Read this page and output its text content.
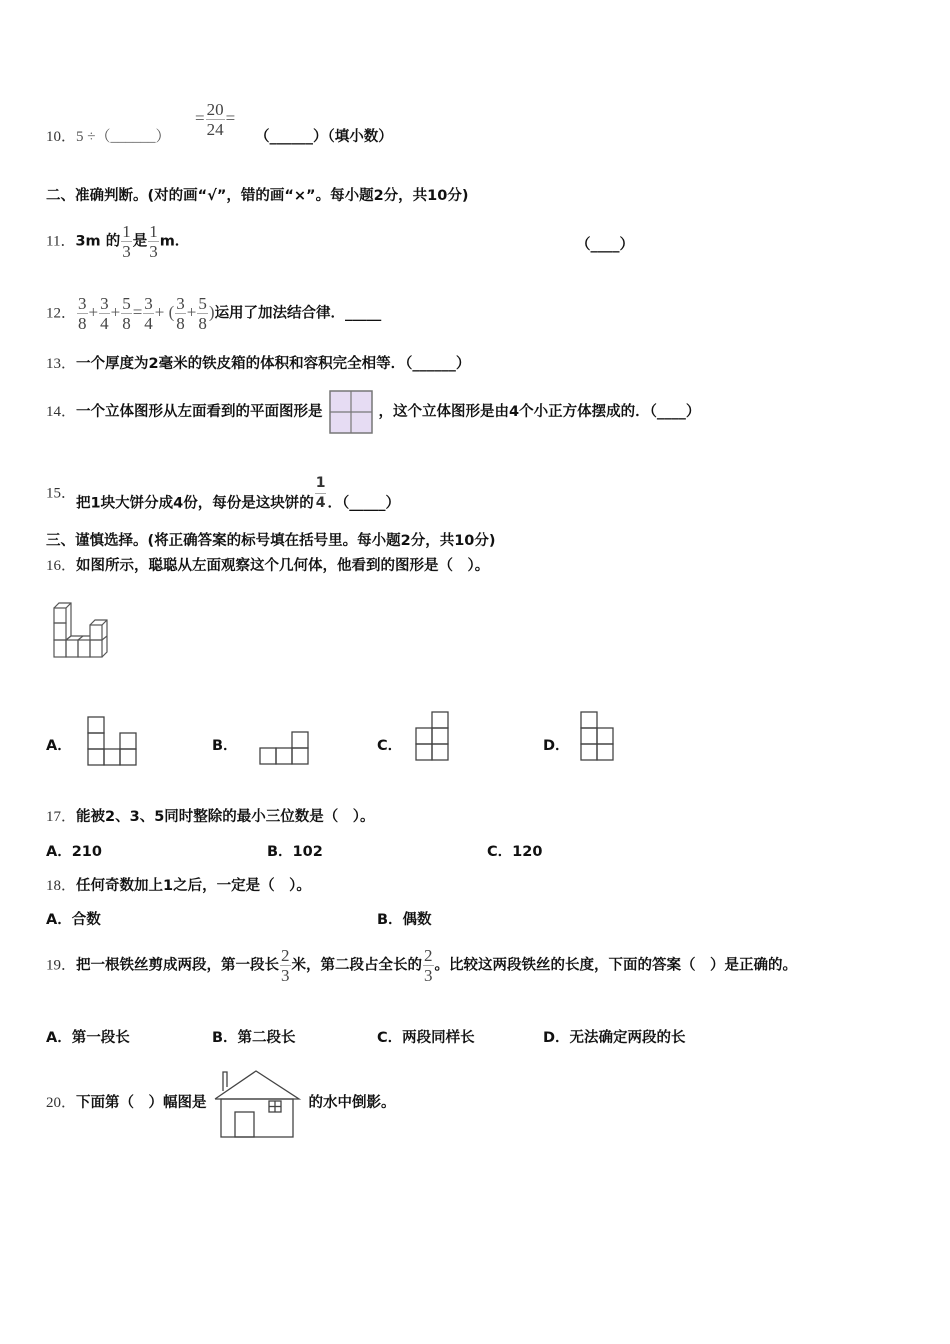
10．5 ÷（______）
= $\frac{20}{24}$ =
（______）（填小数）
二、准确判断。(对的画“√”，错的画“×”。每小题2分，共10分)
11．3m 的 $\frac{1}{3}$ 是 $\frac{1}{3}$ m．	（____）
12． $\frac{3}{8} + \frac{3}{4} + \frac{5}{8} = \frac{3}{4}$ + ( $\frac{3}{8} + \frac{5}{8}$ )运用了加法结合律．_____
13．一个厚度为2毫米的铁皮箱的体积和容积完全相等．（______）
14．一个立体图形从左面看到的平面图形是	，这个立体图形是由4个小正方体摆成的．（____）
15．把1块大饼分成4份，每份是这块饼的 $\frac{1}{4}$ ．（_____）
三、谨慎选择。(将正确答案的标号填在括号里。每小题2分，共10分)
16．如图所示，聪聪从左面观察这个几何体，他看到的图形是（　）。
A．	B．	C．	D．
17．能被2、3、5同时整除的最小三位数是（　）。
A．210	B．102	C．120
18．任何奇数加上1之后，一定是（　）。
A．合数	B．偶数
19．把一根铁丝剪成两段，第一段长 $\frac{2}{3}$ 米，第二段占全长的 $\frac{2}{3}$ 。比较这两段铁丝的长度，下面的答案（　）是正确的。
A．第一段长	B．第二段长	C．两段同样长	D．无法确定两段的长
20．下面第（　）幅图是	的水中倒影。
